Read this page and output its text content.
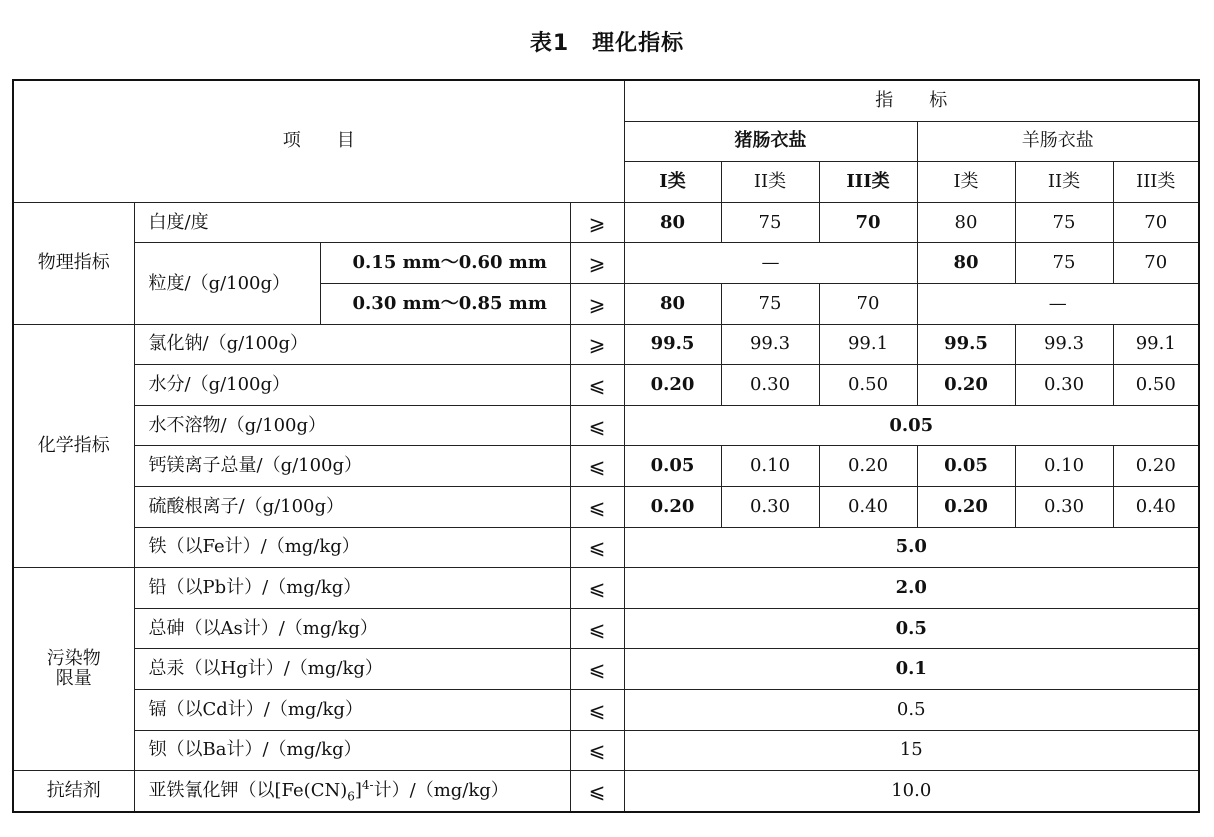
表1　理化指标
项　　目				指　　标					
				猪肠衣盐			羊肠衣盐		
				I类	II类	III类	I类	II类	III类
物理指标	白度/度		⩾	80	75	70	80	75	70
	粒度/（g/100g）	0.15 mm～0.60 mm	⩾	—			80	75	70
		0.30 mm～0.85 mm	⩾	80	75	70	—		
化学指标	氯化钠/（g/100g）		⩾	99.5	99.3	99.1	99.5	99.3	99.1
	水分/（g/100g）		⩽	0.20	0.30	0.50	0.20	0.30	0.50
	水不溶物/（g/100g）		⩽	0.05					
	钙镁离子总量/（g/100g）		⩽	0.05	0.10	0.20	0.05	0.10	0.20
	硫酸根离子/（g/100g）		⩽	0.20	0.30	0.40	0.20	0.30	0.40
	铁（以Fe计）/（mg/kg）		⩽	5.0					
污染物
限量	铅（以Pb计）/（mg/kg）		⩽	2.0					
	总砷（以As计）/（mg/kg）		⩽	0.5					
	总汞（以Hg计）/（mg/kg）		⩽	0.1					
	镉（以Cd计）/（mg/kg）		⩽	0.5					
	钡（以Ba计）/（mg/kg）		⩽	15					
抗结剂	亚铁氰化钾（以$[Fe(CN)_6]^{4-}$计）/（mg/kg）		⩽	10.0					
